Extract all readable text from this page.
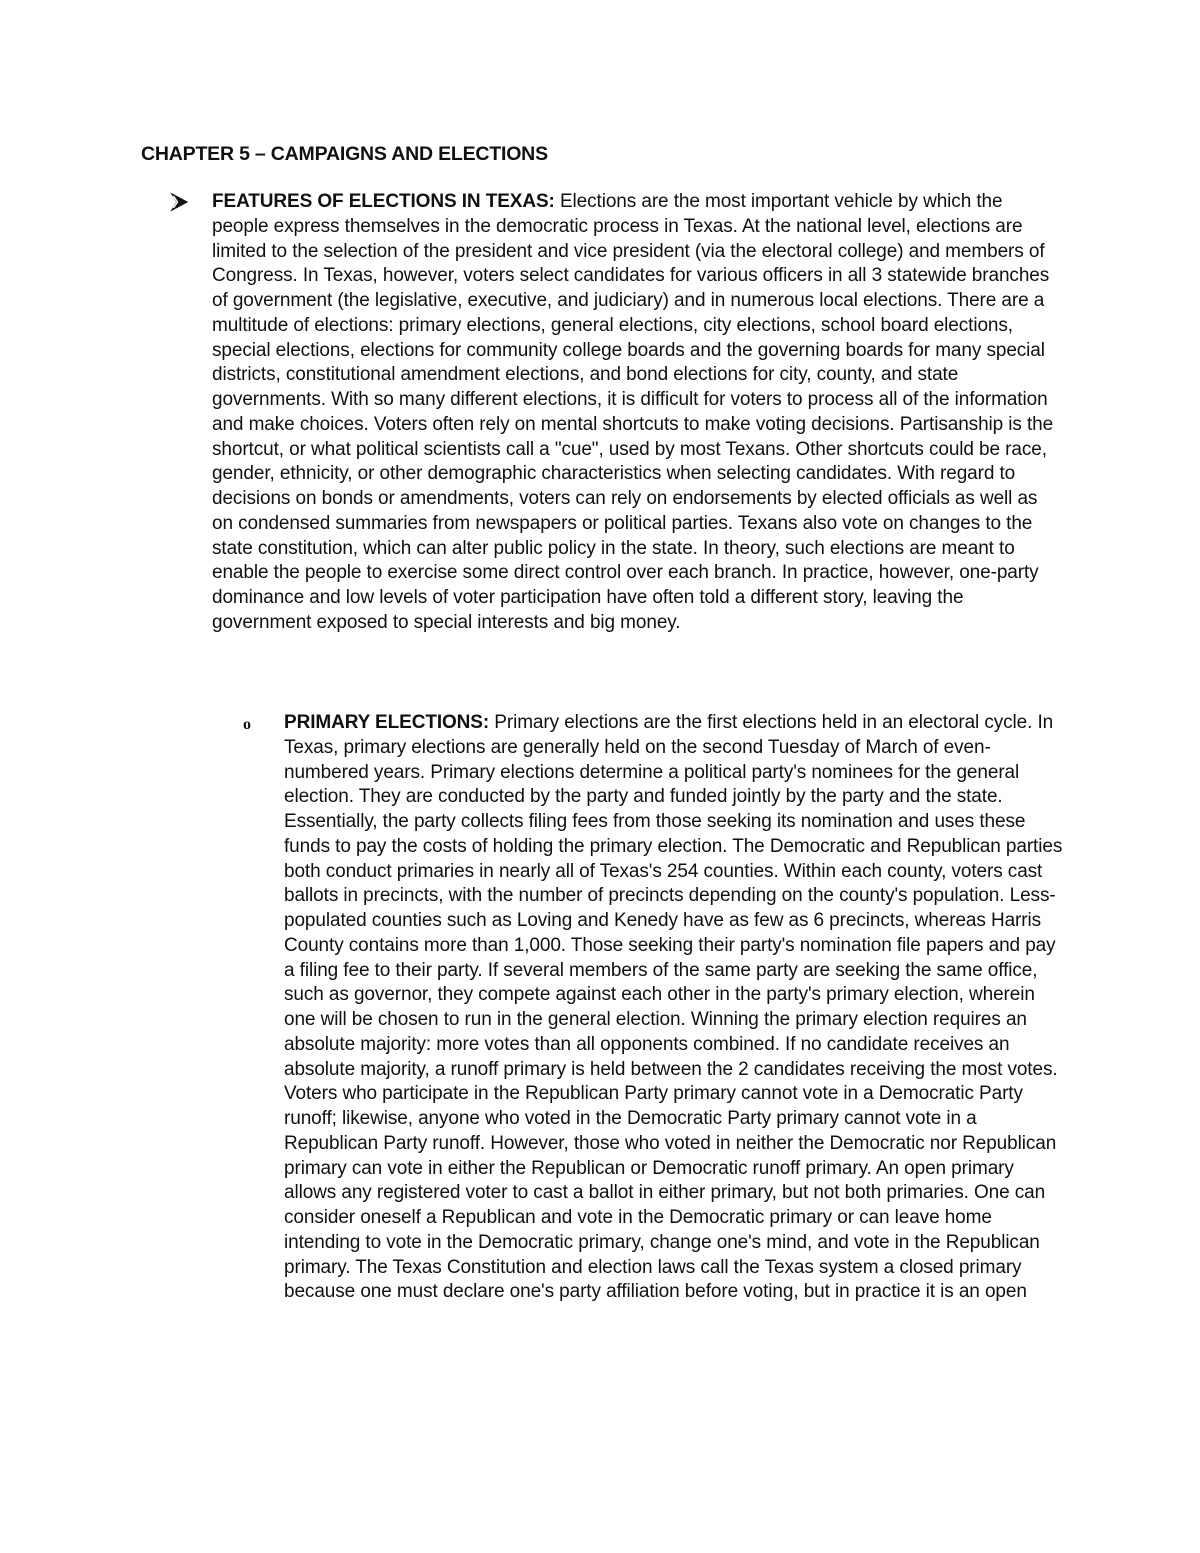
CHAPTER 5 – CAMPAIGNS AND ELECTIONS
FEATURES OF ELECTIONS IN TEXAS: Elections are the most important vehicle by which the people express themselves in the democratic process in Texas. At the national level, elections are limited to the selection of the president and vice president (via the electoral college) and members of Congress. In Texas, however, voters select candidates for various officers in all 3 statewide branches of government (the legislative, executive, and judiciary) and in numerous local elections. There are a multitude of elections: primary elections, general elections, city elections, school board elections, special elections, elections for community college boards and the governing boards for many special districts, constitutional amendment elections, and bond elections for city, county, and state governments. With so many different elections, it is difficult for voters to process all of the information and make choices. Voters often rely on mental shortcuts to make voting decisions. Partisanship is the shortcut, or what political scientists call a "cue", used by most Texans. Other shortcuts could be race, gender, ethnicity, or other demographic characteristics when selecting candidates. With regard to decisions on bonds or amendments, voters can rely on endorsements by elected officials as well as on condensed summaries from newspapers or political parties. Texans also vote on changes to the state constitution, which can alter public policy in the state. In theory, such elections are meant to enable the people to exercise some direct control over each branch. In practice, however, one-party dominance and low levels of voter participation have often told a different story, leaving the government exposed to special interests and big money.
o PRIMARY ELECTIONS: Primary elections are the first elections held in an electoral cycle. In Texas, primary elections are generally held on the second Tuesday of March of even-numbered years. Primary elections determine a political party's nominees for the general election. They are conducted by the party and funded jointly by the party and the state. Essentially, the party collects filing fees from those seeking its nomination and uses these funds to pay the costs of holding the primary election. The Democratic and Republican parties both conduct primaries in nearly all of Texas's 254 counties. Within each county, voters cast ballots in precincts, with the number of precincts depending on the county's population. Less-populated counties such as Loving and Kenedy have as few as 6 precincts, whereas Harris County contains more than 1,000. Those seeking their party's nomination file papers and pay a filing fee to their party. If several members of the same party are seeking the same office, such as governor, they compete against each other in the party's primary election, wherein one will be chosen to run in the general election. Winning the primary election requires an absolute majority: more votes than all opponents combined. If no candidate receives an absolute majority, a runoff primary is held between the 2 candidates receiving the most votes. Voters who participate in the Republican Party primary cannot vote in a Democratic Party runoff; likewise, anyone who voted in the Democratic Party primary cannot vote in a Republican Party runoff. However, those who voted in neither the Democratic nor Republican primary can vote in either the Republican or Democratic runoff primary. An open primary allows any registered voter to cast a ballot in either primary, but not both primaries. One can consider oneself a Republican and vote in the Democratic primary or can leave home intending to vote in the Democratic primary, change one's mind, and vote in the Republican primary. The Texas Constitution and election laws call the Texas system a closed primary because one must declare one's party affiliation before voting, but in practice it is an open
